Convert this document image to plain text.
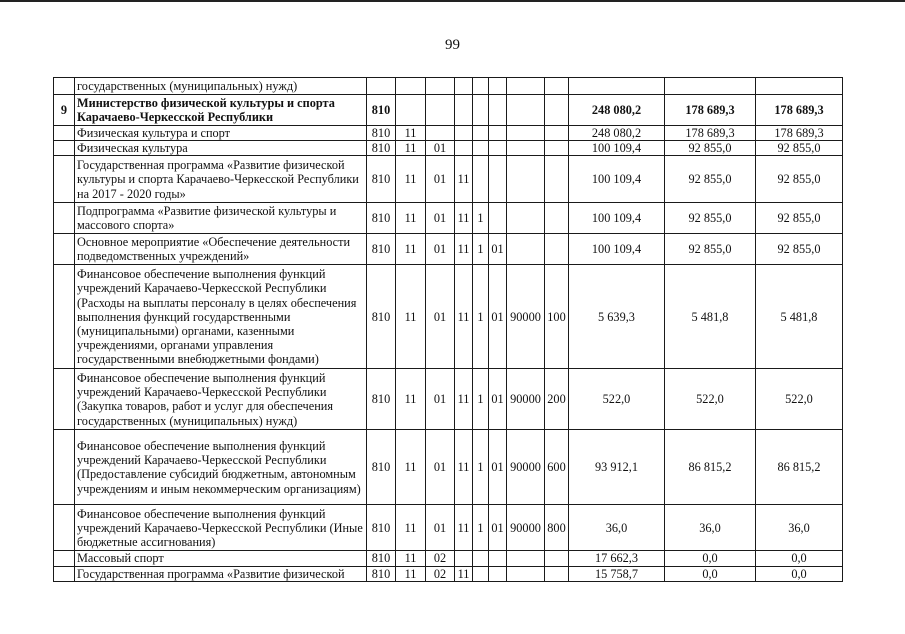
99
	государственных (муниципальных) нужд)											
9	Министерство физической культуры и спорта Карачаево-Черкесской Республики	810								248 080,2	178 689,3	178 689,3
	Физическая культура и спорт	810	11							248 080,2	178 689,3	178 689,3
	Физическая культура	810	11	01						100 109,4	92 855,0	92 855,0
	Государственная программа «Развитие физической культуры и спорта Карачаево-Черкесской Республики на 2017 - 2020 годы»	810	11	01	11					100 109,4	92 855,0	92 855,0
	Подпрограмма «Развитие физической культуры и массового спорта»	810	11	01	11	1				100 109,4	92 855,0	92 855,0
	Основное мероприятие «Обеспечение деятельности подведомственных учреждений»	810	11	01	11	1	01			100 109,4	92 855,0	92 855,0
	Финансовое обеспечение выполнения функций учреждений Карачаево-Черкесской Республики (Расходы на выплаты персоналу в целях обеспечения выполнения функций государственными (муниципальными) органами, казенными учреждениями, органами управления государственными внебюджетными фондами)	810	11	01	11	1	01	90000	100	5 639,3	5 481,8	5 481,8
	Финансовое обеспечение выполнения функций учреждений Карачаево-Черкесской Республики (Закупка товаров, работ и услуг для обеспечения государственных (муниципальных) нужд)	810	11	01	11	1	01	90000	200	522,0	522,0	522,0
	Финансовое обеспечение выполнения функций учреждений Карачаево-Черкесской Республики (Предоставление субсидий бюджетным, автономным учреждениям и иным некоммерческим организациям)	810	11	01	11	1	01	90000	600	93 912,1	86 815,2	86 815,2
	Финансовое обеспечение выполнения функций учреждений Карачаево-Черкесской Республики (Иные бюджетные ассигнования)	810	11	01	11	1	01	90000	800	36,0	36,0	36,0
	Массовый спорт	810	11	02						17 662,3	0,0	0,0
	Государственная программа «Развитие физической	810	11	02	11					15 758,7	0,0	0,0
